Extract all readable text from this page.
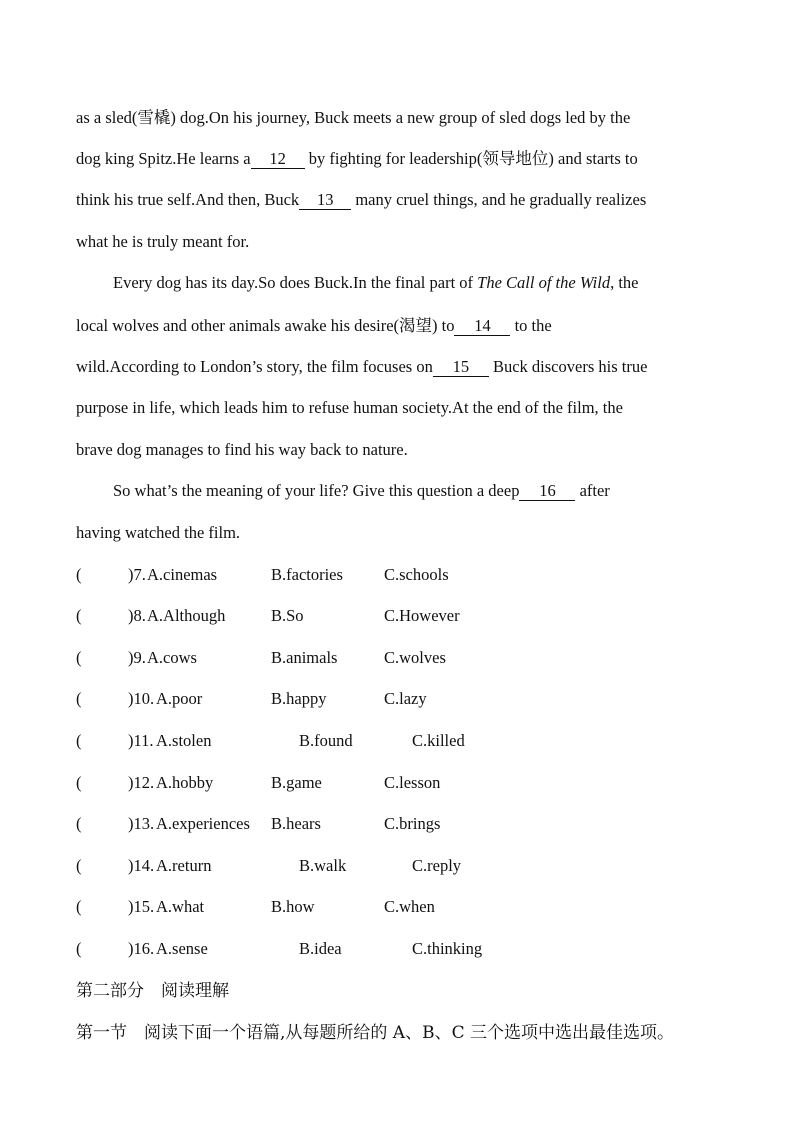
as a sled(雪橇) dog.On his journey, Buck meets a new group of sled dogs led by the
dog king Spitz.He learns a 12 by fighting for leadership(领导地位) and starts to
think his true self.And then, Buck 13 many cruel things, and he gradually realizes
what he is truly meant for.
Every dog has its day.So does Buck.In the final part of The Call of the Wild, the
local wolves and other animals awake his desire(渴望) to 14 to the
wild.According to London’s story, the film focuses on 15 Buck discovers his true
purpose in life, which leads him to refuse human society.At the end of the film, the
brave dog manages to find his way back to nature.
So what’s the meaning of your life? Give this question a deep 16 after
having watched the film.
(	)7. A.cinemas	B.factories C.schools
(	)8. A.Although	B.So	C.However
(	)9. A.cows	B.animals	C.wolves
(	)10. A.poor	B.happy	C.lazy
(	)11. A.stolen	B.found	C.killed
(	)12. A.hobby	B.game	C.lesson
(	)13. A.experiences B.hears	C.brings
(	)14. A.return	B.walk	C.reply
(	)15. A.what	B.how	C.when
(	)16. A.sense	B.idea	C.thinking
第二部分　阅读理解
第一节　阅读下面一个语篇,从每题所给的 A、B、C 三个选项中选出最佳选项。
